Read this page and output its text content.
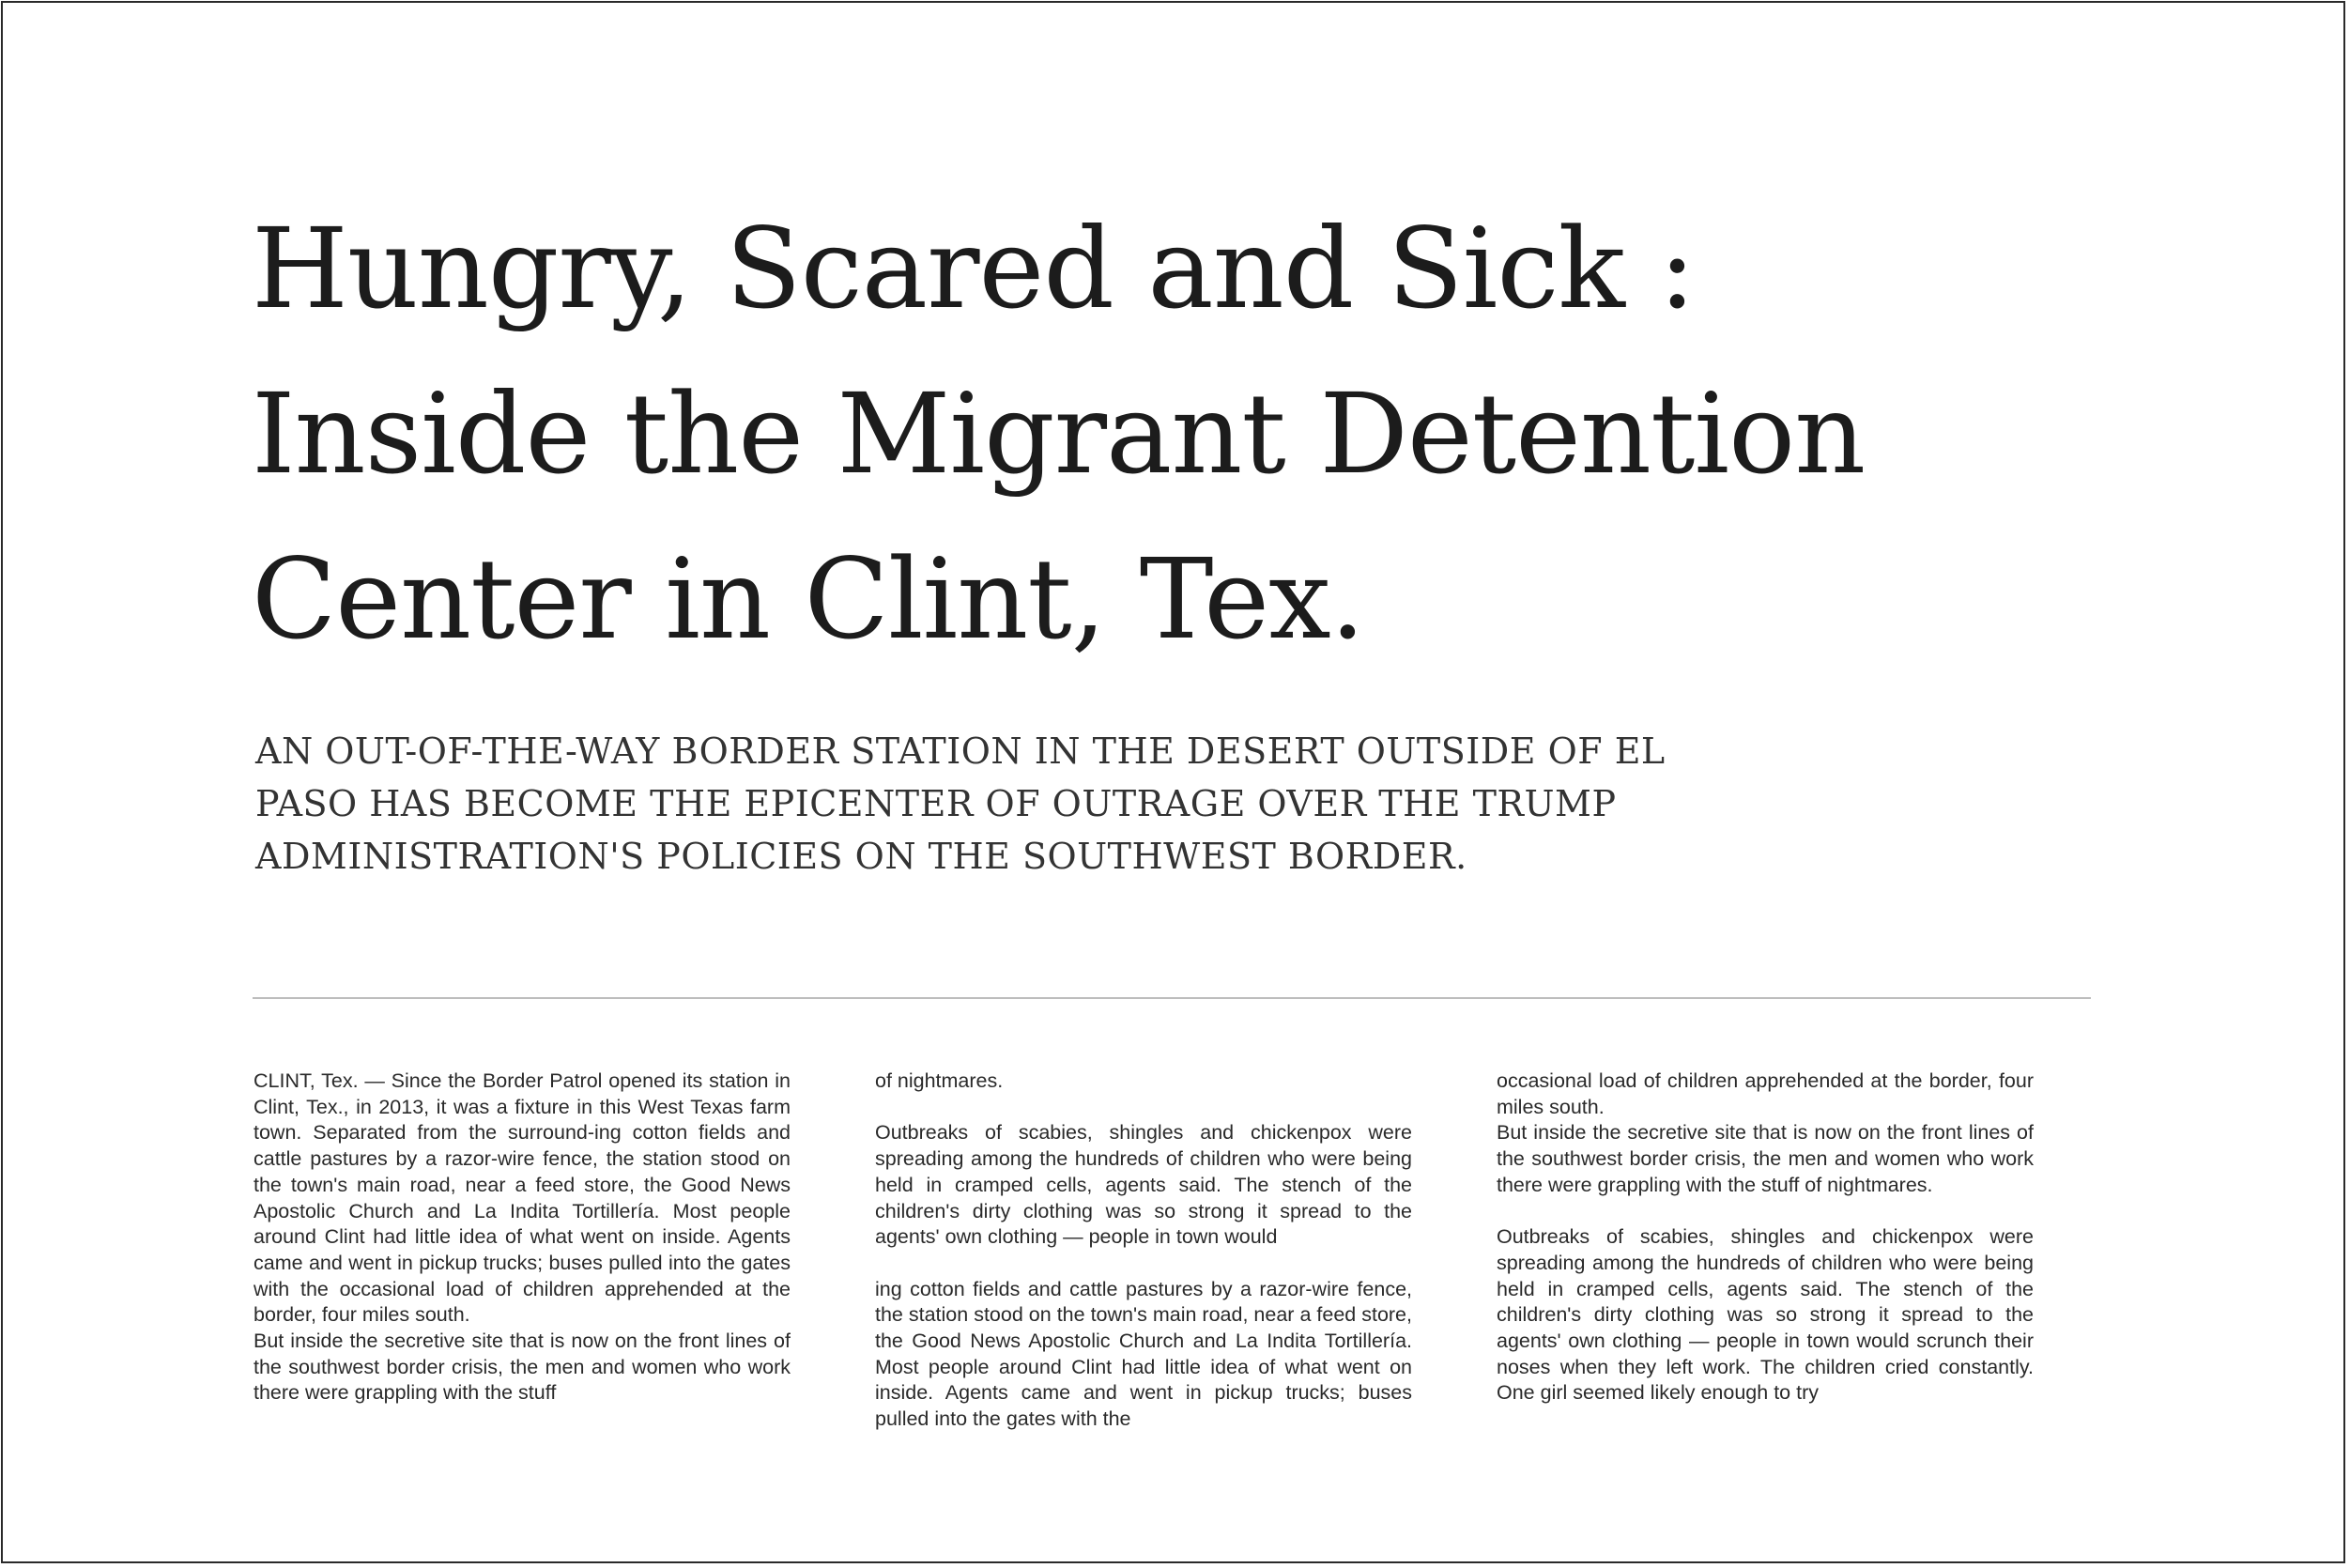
Hungry, Scared and Sick :
Inside the Migrant Detention
Center in Clint, Tex.
AN OUT-OF-THE-WAY BORDER STATION IN THE DESERT OUTSIDE OF EL
PASO HAS BECOME THE EPICENTER OF OUTRAGE OVER THE TRUMP
ADMINISTRATION'S POLICIES ON THE SOUTHWEST BORDER.

CLINT, Tex. — Since the Border Patrol opened its station in Clint, Tex., in 2013, it was a fixture in this West Texas farm town. Separated from the surround-ing cotton fields and cattle pastures by a razor-wire fence, the station stood on the town's main road, near a feed store, the Good News Apostolic Church and La Indita Tortillería. Most people around Clint had little idea of what went on inside. Agents came and went in pickup trucks; buses pulled into the gates with the occasional load of children apprehended at the border, four miles south.

But inside the secretive site that is now on the front lines of the southwest border crisis, the men and women who work there were grappling with the stuff

of nightmares.

Outbreaks of scabies, shingles and chickenpox were spreading among the hundreds of children who were being held in cramped cells, agents said. The stench of the children's dirty clothing was so strong it spread to the agents' own clothing — people in town would

ing cotton fields and cattle pastures by a razor-wire fence, the station stood on the town's main road, near a feed store, the Good News Apostolic Church and La Indita Tortillería. Most people around Clint had little idea of what went on inside. Agents came and went in pickup trucks; buses pulled into the gates with the

occasional load of children apprehended at the border, four miles south.

But inside the secretive site that is now on the front lines of the southwest border crisis, the men and women who work there were grappling with the stuff of nightmares.

Outbreaks of scabies, shingles and chickenpox were spreading among the hundreds of children who were being held in cramped cells, agents said. The stench of the children's dirty clothing was so strong it spread to the agents' own clothing — people in town would scrunch their noses when they left work. The children cried constantly. One girl seemed likely enough to try
